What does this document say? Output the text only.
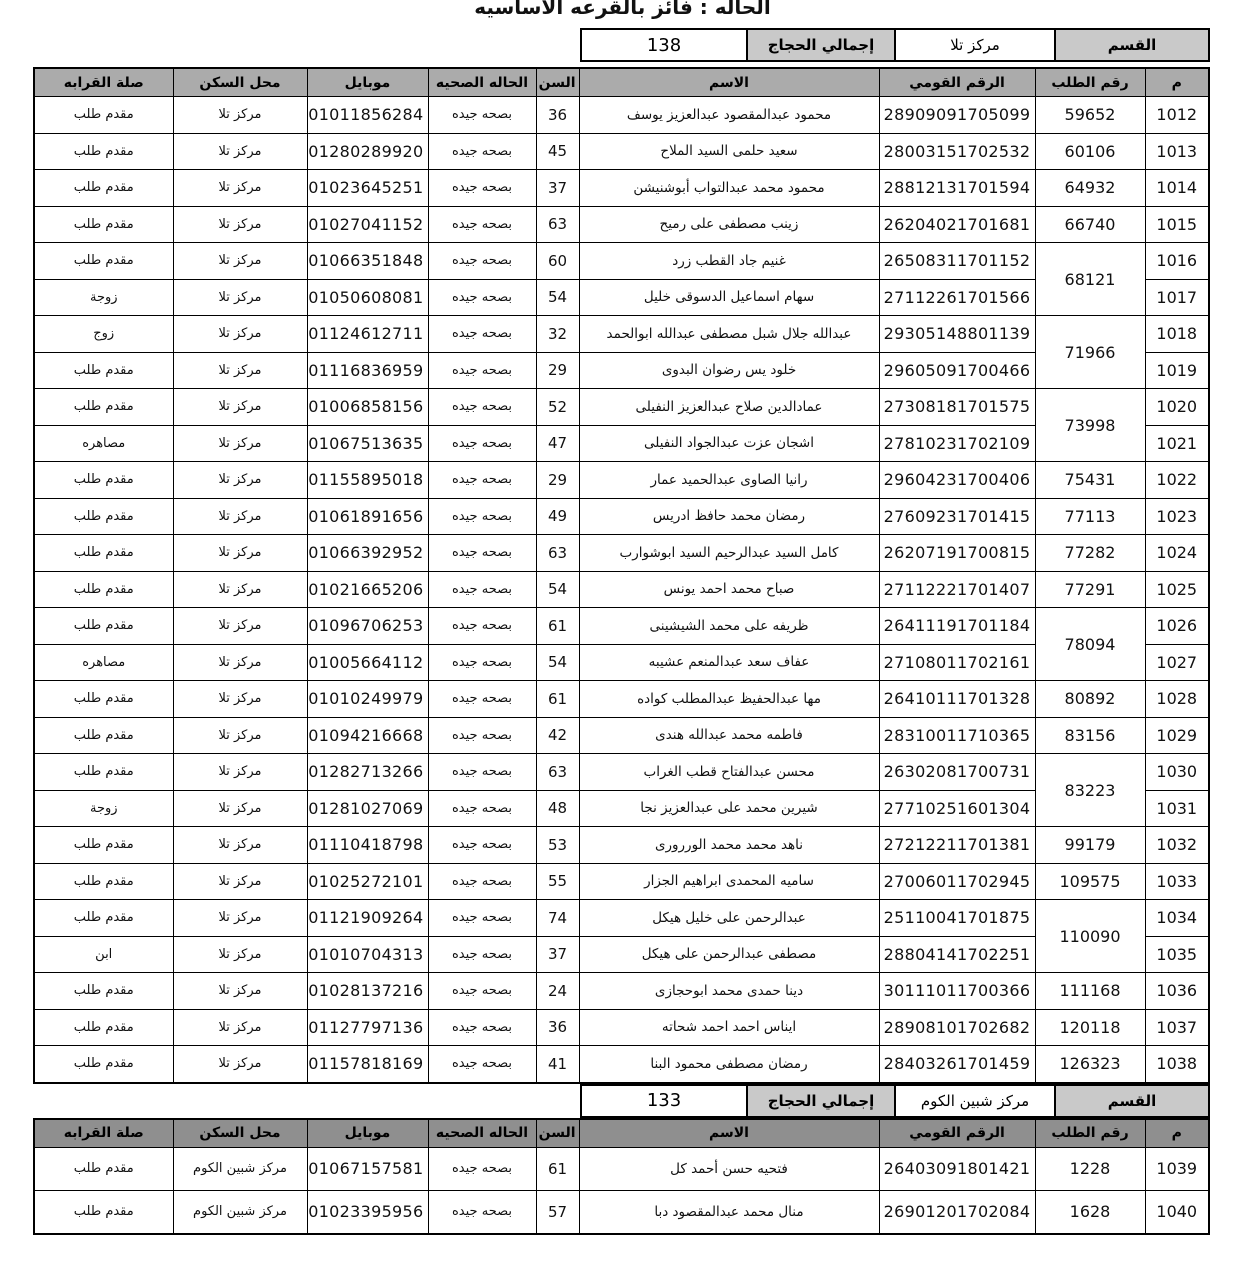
الحاله : فائز بالقرعه الاساسيه
القسم	مركز تلا	إجمالي الحجاج	138
م	رقم الطلب	الرقم القومي	الاسم	السن	الحاله الصحيه	موبايل	محل السكن	صلة القرابه
1012	59652	28909091705099	محمود عبدالمقصود عبدالعزيز يوسف	36	بصحه جيده	01011856284	مركز تلا	مقدم طلب
1013	60106	28003151702532	سعيد حلمى السيد الملاح	45	بصحه جيده	01280289920	مركز تلا	مقدم طلب
1014	64932	28812131701594	محمود محمد عبدالتواب أبوشنيشن	37	بصحه جيده	01023645251	مركز تلا	مقدم طلب
1015	66740	26204021701681	زينب مصطفى على رميح	63	بصحه جيده	01027041152	مركز تلا	مقدم طلب
1016	68121	26508311701152	غنيم جاد القطب زرد	60	بصحه جيده	01066351848	مركز تلا	مقدم طلب
1017		27112261701566	سهام اسماعيل الدسوقى خليل	54	بصحه جيده	01050608081	مركز تلا	زوجة
1018	71966	29305148801139	عبدالله جلال شبل مصطفى عبدالله ابوالحمد	32	بصحه جيده	01124612711	مركز تلا	زوج
1019		29605091700466	خلود يس رضوان البدوى	29	بصحه جيده	01116836959	مركز تلا	مقدم طلب
1020	73998	27308181701575	عمادالدين صلاح عبدالعزيز النفيلى	52	بصحه جيده	01006858156	مركز تلا	مقدم طلب
1021		27810231702109	اشجان عزت عبدالجواد النفيلى	47	بصحه جيده	01067513635	مركز تلا	مصاهره
1022	75431	29604231700406	رانيا الصاوى عبدالحميد عمار	29	بصحه جيده	01155895018	مركز تلا	مقدم طلب
1023	77113	27609231701415	رمضان محمد حافظ ادريس	49	بصحه جيده	01061891656	مركز تلا	مقدم طلب
1024	77282	26207191700815	كامل السيد عبدالرحيم السيد ابوشوارب	63	بصحه جيده	01066392952	مركز تلا	مقدم طلب
1025	77291	27112221701407	صباح محمد احمد يونس	54	بصحه جيده	01021665206	مركز تلا	مقدم طلب
1026	78094	26411191701184	ظريفه على محمد الشيشينى	61	بصحه جيده	01096706253	مركز تلا	مقدم طلب
1027		27108011702161	عفاف سعد عبدالمنعم عشيبه	54	بصحه جيده	01005664112	مركز تلا	مصاهره
1028	80892	26410111701328	مها عبدالحفيظ عبدالمطلب كواده	61	بصحه جيده	01010249979	مركز تلا	مقدم طلب
1029	83156	28310011710365	فاطمه محمد عبدالله هندى	42	بصحه جيده	01094216668	مركز تلا	مقدم طلب
1030	83223	26302081700731	محسن عبدالفتاح قطب الغراب	63	بصحه جيده	01282713266	مركز تلا	مقدم طلب
1031		27710251601304	شيرين محمد على عبدالعزيز نجا	48	بصحه جيده	01281027069	مركز تلا	زوجة
1032	99179	27212211701381	ناهد محمد محمد الوررورى	53	بصحه جيده	01110418798	مركز تلا	مقدم طلب
1033	109575	27006011702945	ساميه المحمدى ابراهيم الجزار	55	بصحه جيده	01025272101	مركز تلا	مقدم طلب
1034	110090	25110041701875	عبدالرحمن على خليل هيكل	74	بصحه جيده	01121909264	مركز تلا	مقدم طلب
1035		28804141702251	مصطفى عبدالرحمن على هيكل	37	بصحه جيده	01010704313	مركز تلا	ابن
1036	111168	30111011700366	دينا حمدى محمد ابوحجازى	24	بصحه جيده	01028137216	مركز تلا	مقدم طلب
1037	120118	28908101702682	ايناس احمد احمد شحاته	36	بصحه جيده	01127797136	مركز تلا	مقدم طلب
1038	126323	28403261701459	رمضان مصطفى محمود البنا	41	بصحه جيده	01157818169	مركز تلا	مقدم طلب
القسم	مركز شبين الكوم	إجمالي الحجاج	133
م	رقم الطلب	الرقم القومي	الاسم	السن	الحاله الصحيه	موبايل	محل السكن	صلة القرابه
1039	1228	26403091801421	فتحيه حسن أحمد كل	61	بصحه جيده	01067157581	مركز شبين الكوم	مقدم طلب
1040	1628	26901201702084	منال محمد عبدالمقصود دبا	57	بصحه جيده	01023395956	مركز شبين الكوم	مقدم طلب
